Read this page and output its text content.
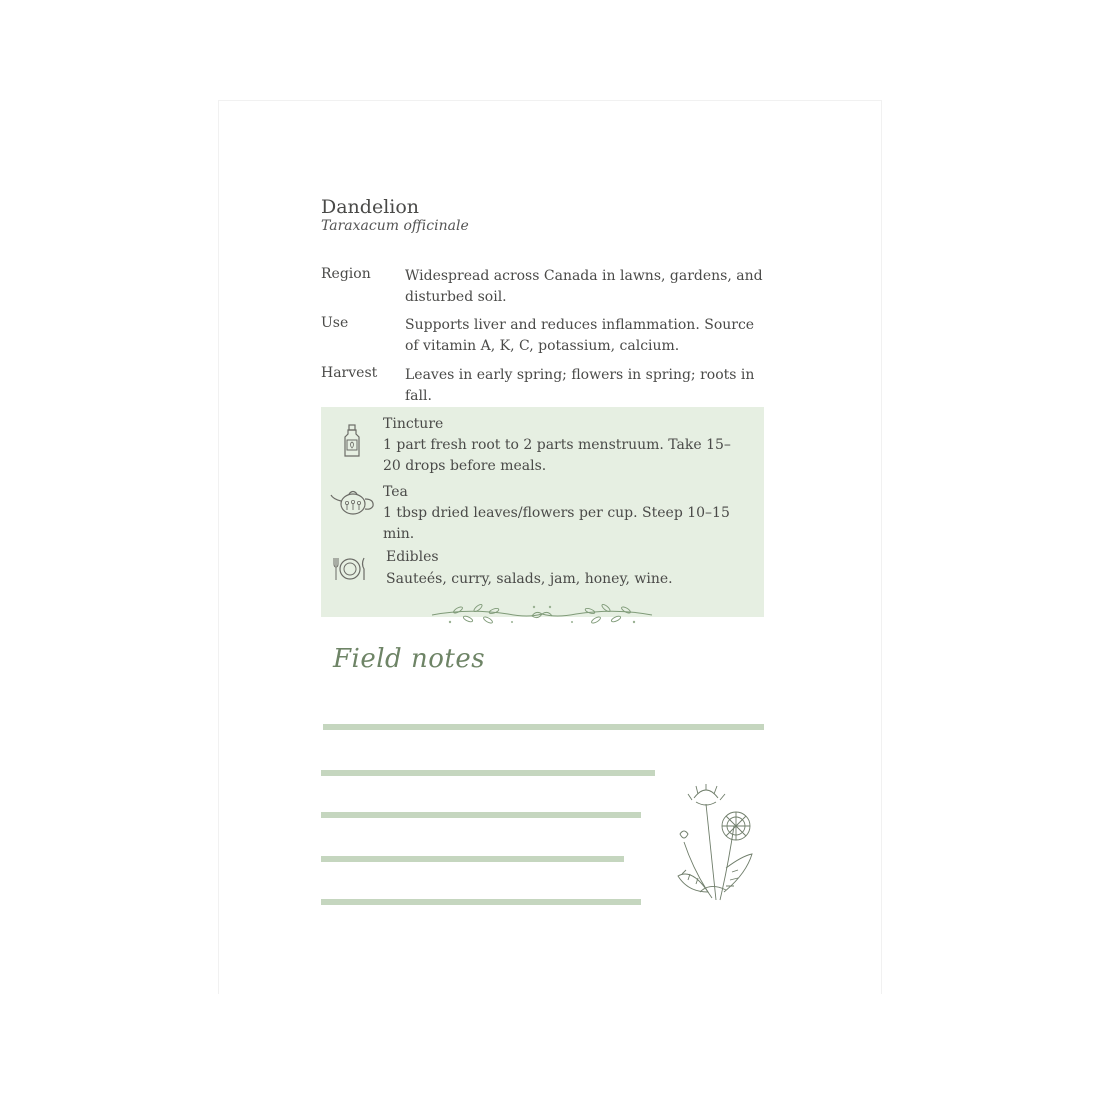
Dandelion
Taraxacum officinale
Region Widespread across Canada in lawns, gardens, and disturbed soil.
Use	Supports liver and reduces inflammation. Source of vitamin A, K, C, potassium, calcium.
Harvest Leaves in early spring; flowers in spring; roots in fall.
Tincture
1 part fresh root to 2 parts menstruum. Take 15–20 drops before meals.
Tea
1 tbsp dried leaves/flowers per cup. Steep 10–15 min.
Edibles
Sauteés, curry, salads, jam, honey, wine.
Field notes
